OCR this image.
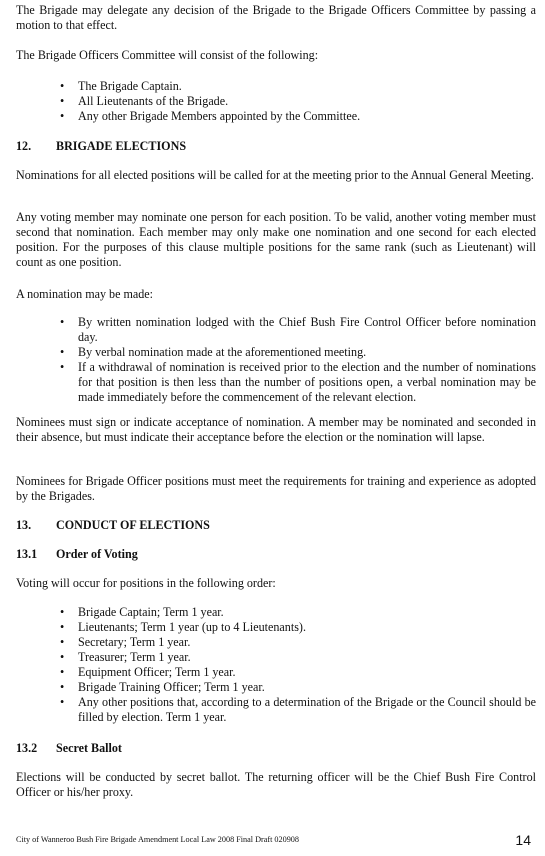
The Brigade may delegate any decision of the Brigade to the Brigade Officers Committee by passing a motion to that effect.
The Brigade Officers Committee will consist of the following:
• The Brigade Captain.
• All Lieutenants of the Brigade.
• Any other Brigade Members appointed by the Committee.
12. BRIGADE ELECTIONS
Nominations for all elected positions will be called for at the meeting prior to the Annual General Meeting.
Any voting member may nominate one person for each position. To be valid, another voting member must second that nomination. Each member may only make one nomination and one second for each elected position. For the purposes of this clause multiple positions for the same rank (such as Lieutenant) will count as one position.
A nomination may be made:
• By written nomination lodged with the Chief Bush Fire Control Officer before nomination day.
• By verbal nomination made at the aforementioned meeting.
• If a withdrawal of nomination is received prior to the election and the number of nominations for that position is then less than the number of positions open, a verbal nomination may be made immediately before the commencement of the relevant election.
Nominees must sign or indicate acceptance of nomination. A member may be nominated and seconded in their absence, but must indicate their acceptance before the election or the nomination will lapse.
Nominees for Brigade Officer positions must meet the requirements for training and experience as adopted by the Brigades.
13. CONDUCT OF ELECTIONS
13.1 Order of Voting
Voting will occur for positions in the following order:
• Brigade Captain; Term 1 year.
• Lieutenants; Term 1 year (up to 4 Lieutenants).
• Secretary; Term 1 year.
• Treasurer; Term 1 year.
• Equipment Officer; Term 1 year.
• Brigade Training Officer; Term 1 year.
• Any other positions that, according to a determination of the Brigade or the Council should be filled by election. Term 1 year.
13.2 Secret Ballot
Elections will be conducted by secret ballot. The returning officer will be the Chief Bush Fire Control Officer or his/her proxy.
City of Wanneroo Bush Fire Brigade Amendment Local Law 2008 Final Draft 020908	14
